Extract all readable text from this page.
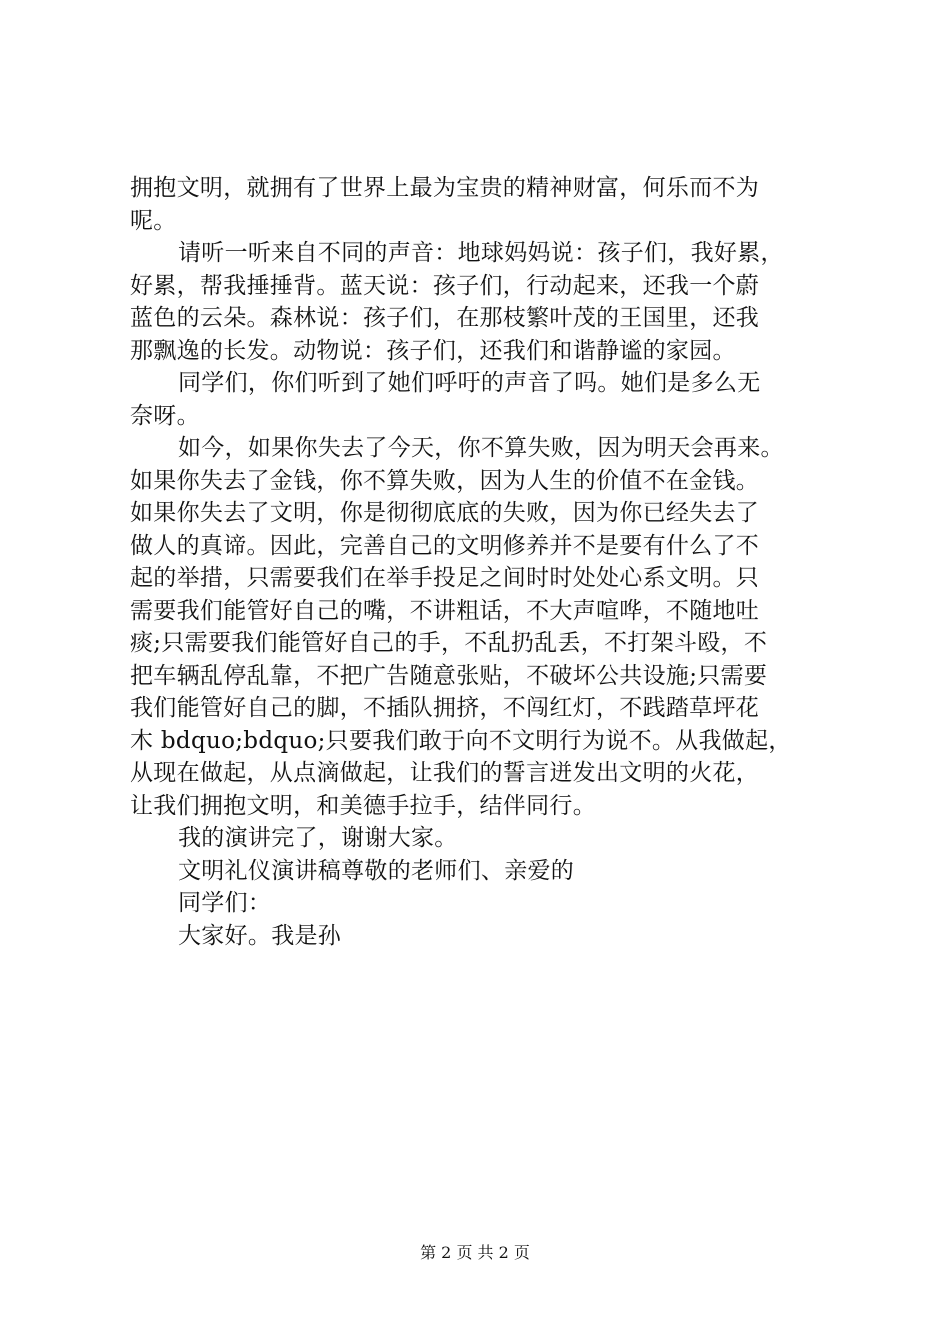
拥抱文明，就拥有了世界上最为宝贵的精神财富，何乐而不为
呢。
请听一听来自不同的声音：地球妈妈说：孩子们，我好累，
好累，帮我捶捶背。蓝天说：孩子们，行动起来，还我一个蔚
蓝色的云朵。森林说：孩子们，在那枝繁叶茂的王国里，还我
那飘逸的长发。动物说：孩子们，还我们和谐静谧的家园。
同学们，你们听到了她们呼吁的声音了吗。她们是多么无
奈呀。
如今，如果你失去了今天，你不算失败，因为明天会再来。
如果你失去了金钱，你不算失败，因为人生的价值不在金钱。
如果你失去了文明，你是彻彻底底的失败，因为你已经失去了
做人的真谛。因此，完善自己的文明修养并不是要有什么了不
起的举措，只需要我们在举手投足之间时时处处心系文明。只
需要我们能管好自己的嘴，不讲粗话，不大声喧哗，不随地吐
痰;只需要我们能管好自己的手，不乱扔乱丢，不打架斗殴，不
把车辆乱停乱靠，不把广告随意张贴，不破坏公共设施;只需要
我们能管好自己的脚，不插队拥挤，不闯红灯，不践踏草坪花
木 bdquo;bdquo;只要我们敢于向不文明行为说不。从我做起，
从现在做起，从点滴做起，让我们的誓言迸发出文明的火花，
让我们拥抱文明，和美德手拉手，结伴同行。
我的演讲完了，谢谢大家。
文明礼仪演讲稿尊敬的老师们、亲爱的
同学们：
大家好。我是孙
第 2 页 共 2 页
